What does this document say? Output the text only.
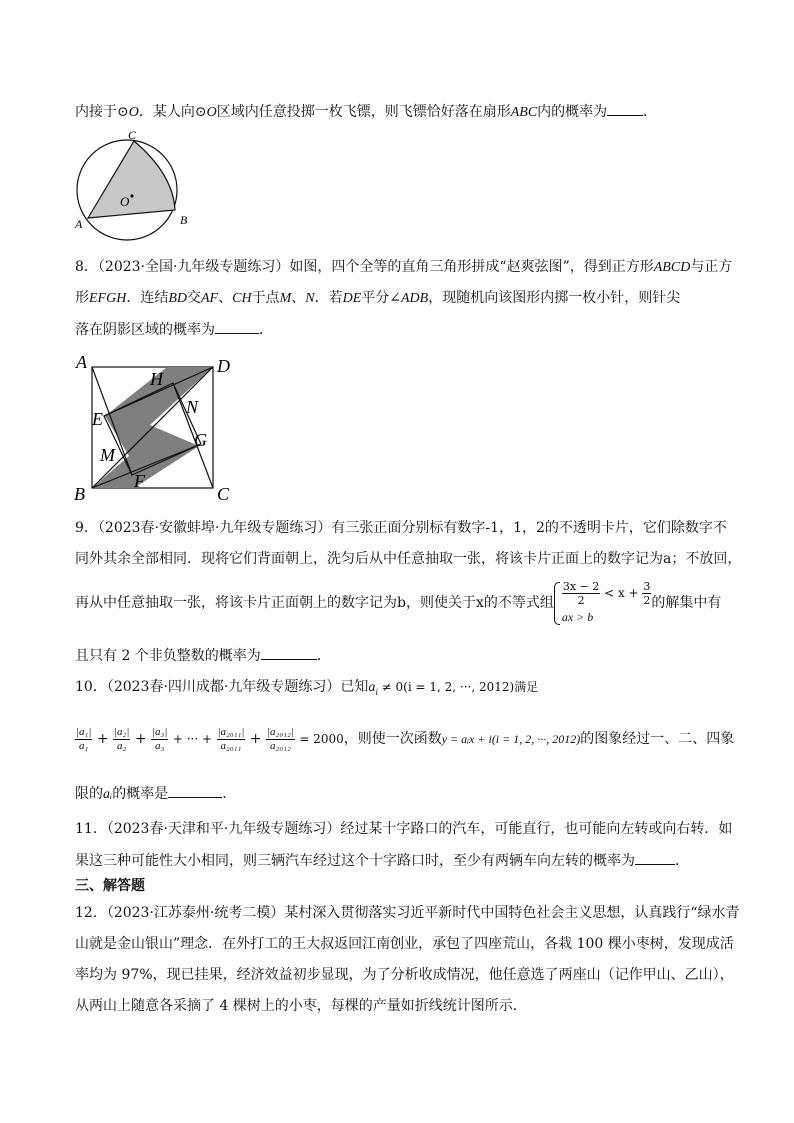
内接于⊙O．某人向⊙O区域内任意投掷一枚飞镖，则飞镖恰好落在扇形ABC内的概率为	．
C
A	B
O
8．（2023·全国·九年级专题练习）如图，四个全等的直角三角形拼成“赵爽弦图”，得到正方形ABCD与正方
形EFGH．连结BD交AF、CH于点M、N．若DE平分∠ADB，现随机向该图形内掷一枚小针，则针尖
落在阴影区域的概率为	．
A	D
B	C
H
E
N
G
M
F
9．（2023春·安徽蚌埠·九年级专题练习）有三张正面分别标有数字-1，1，2的不透明卡片，它们除数字不
同外其余全部相同．现将它们背面朝上，洗匀后从中任意抽取一张，将该卡片正面上的数字记为a；不放回，
再从中任意抽取一张，将该卡片正面朝上的数字记为b，则使关于x的不等式组 $\frac{3x - 2}{2} < x + \frac{3}{2}$
ax > b
的解集中有
且只有 2 个非负整数的概率为	．
10．（2023春·四川成都·九年级专题练习）已知$a_i \ne 0(i = 1$, 2, ···, 2012)满足
$\frac{\text{|a₁|}}{\text{a₁}} + \frac{\text{|a₂|}}{\text{a₂}} + \frac{\text{|a₃|}}{\text{a₃}}$ + ··· + $\frac{\text{|a₂₀₁₁|}}{\text{a₂₀₁₁}} + \frac{\text{|a₂₀₁₂|}}{\text{a₂₀₁₂}} = 2000$，则使一次函数y = aᵢx + i(i = 1, 2, ···, 2012)的图象经过一、二、四象
限的aᵢ的概率是	．
11．（2023春·天津和平·九年级专题练习）经过某十字路口的汽车，可能直行，也可能向左转或向右转．如
果这三种可能性大小相同，则三辆汽车经过这个十字路口时，至少有两辆车向左转的概率为	．
三、解答题
12．（2023·江苏泰州·统考二模）某村深入贯彻落实习近平新时代中国特色社会主义思想，认真践行“绿水青
山就是金山银山”理念．在外打工的王大叔返回江南创业，承包了四座荒山，各栽 100 棵小枣树，发现成活
率均为 97%，现已挂果，经济效益初步显现，为了分析收成情况，他任意选了两座山（记作甲山、乙山），
从两山上随意各采摘了 4 棵树上的小枣，每棵的产量如折线统计图所示．
